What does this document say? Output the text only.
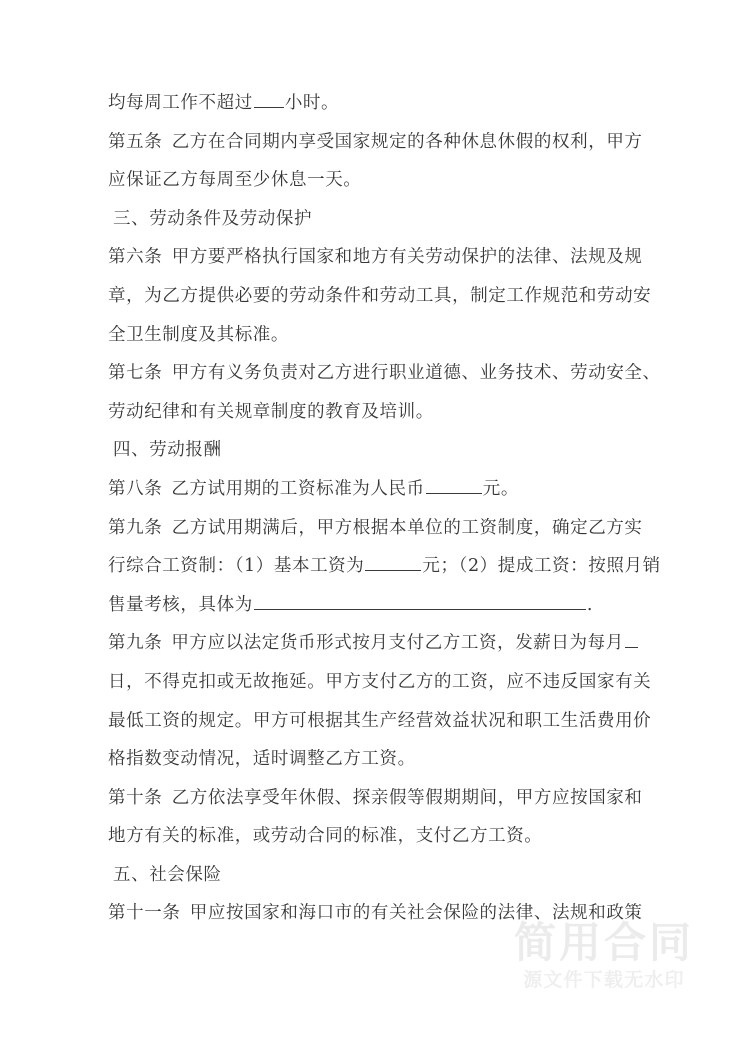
均每周工作不超过 小时。
第 五 条
  乙 方 在 合 同 期 内 享 受 国 家 规 定 的 各 种 休 息 休 假 的 权 利 ， 甲 方
应保证乙方每周至少休息一天。
三、劳动条件及劳动保护
第 六 条
  甲 方 要 严 格 执 行 国 家 和 地 方 有 关 劳 动 保 护 的 法 律 、 法 规 及 规
章 ， 为 乙 方 提 供 必 要 的 劳 动 条 件 和 劳 动 工 具 ， 制 定 工 作 规 范 和 劳 动 安
全卫生制度及其标准。
第 七 条
  甲 方 有 义 务 负 责 对 乙 方 进 行 职 业 道 德 、 业 务 技 术 、 劳 动 安 全 、
劳动纪律和有关规章制度的教育及培训。
四、劳动报酬
第八条 乙方试用期的工资标准为人民币	元。
第 九 条
  乙 方 试 用 期 满 后 ， 甲 方 根 据 本 单 位 的 工 资 制 度 ， 确 定 乙 方 实
行综合工资制：（1）基本工资为	元；（2）提成工资：按照月销
售量考核，具体为	.
第九条 甲方应以法定货币形式按月支付乙方工资，发薪日为每月
日 ， 不 得 克 扣 或 无 故 拖 延 。 甲 方 支 付 乙 方 的 工 资 ， 应 不 违 反 国 家 有 关
最 低 工 资 的 规 定 。 甲 方 可 根 据 其 生 产 经 营 效 益 状 况 和 职 工 生 活 费 用 价
格指数变动情况，适时调整乙方工资。
第 十 条
  乙 方 依 法 享 受 年 休 假 、 探 亲 假 等 假 期 期 间 ， 甲 方 应 按 国 家 和
地方有关的标准，或劳动合同的标准，支付乙方工资。
五、社会保险
第 十 一 条
  甲 应 按 国 家 和 海 口 市 的 有 关 社 会 保 险 的 法 律 、 法 规 和 政 策
简用合同
源文件下载无水印
